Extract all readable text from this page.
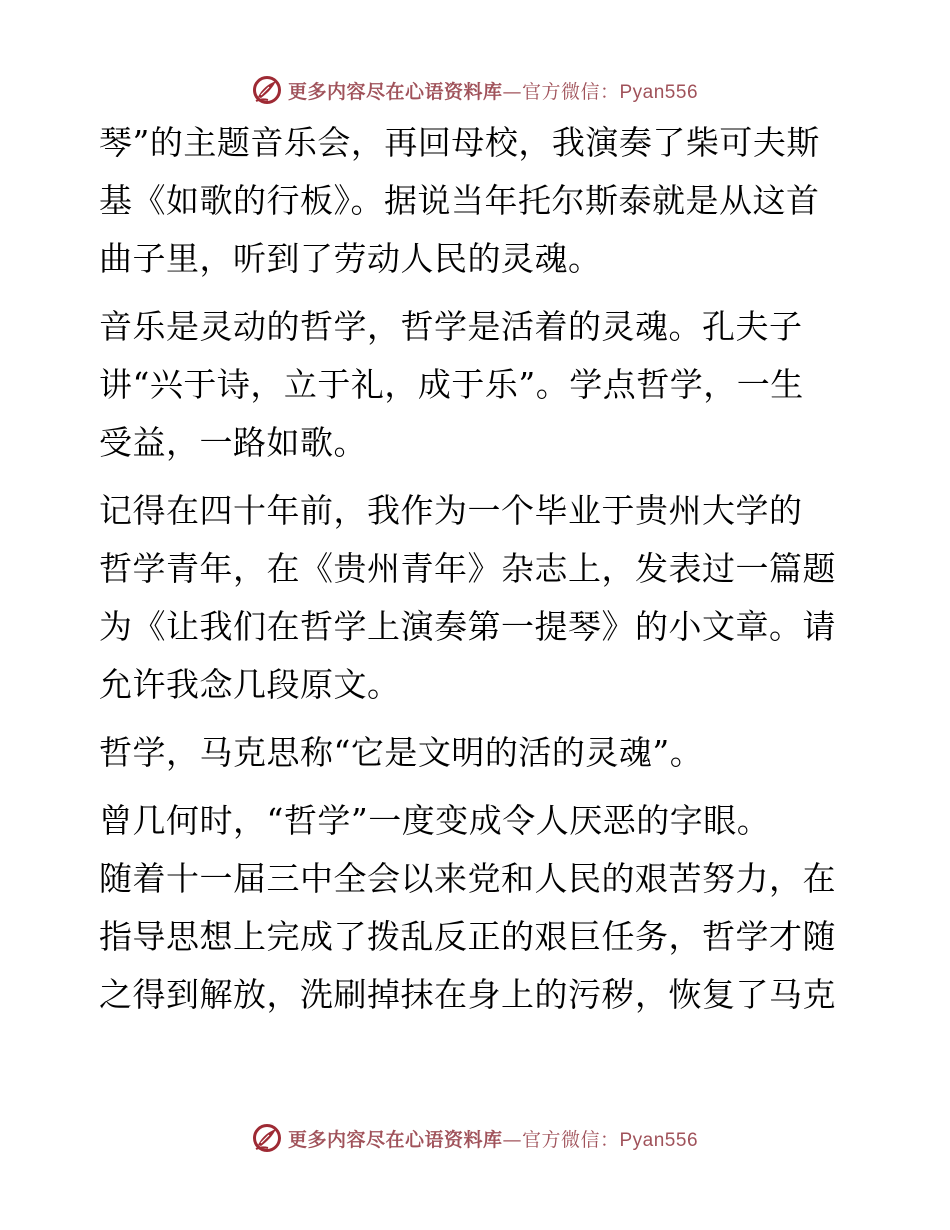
更多内容尽在心语资料库—官方微信：Pyan556
琴”的主题音乐会，再回母校，我演奏了柴可夫斯
基《如歌的行板》。据说当年托尔斯泰就是从这首
曲子里，听到了劳动人民的灵魂。
音乐是灵动的哲学，哲学是活着的灵魂。孔夫子
讲“兴于诗，立于礼，成于乐”。学点哲学，一生
受益，一路如歌。
记得在四十年前，我作为一个毕业于贵州大学的
哲学青年，在《贵州青年》杂志上，发表过一篇题
为《让我们在哲学上演奏第一提琴》的小文章。请
允许我念几段原文。
哲学，马克思称“它是文明的活的灵魂”。
曾几何时，“哲学”一度变成令人厌恶的字眼。
随着十一届三中全会以来党和人民的艰苦努力，在
指导思想上完成了拨乱反正的艰巨任务，哲学才随
之得到解放，洗刷掉抹在身上的污秽，恢复了马克
更多内容尽在心语资料库—官方微信：Pyan556
